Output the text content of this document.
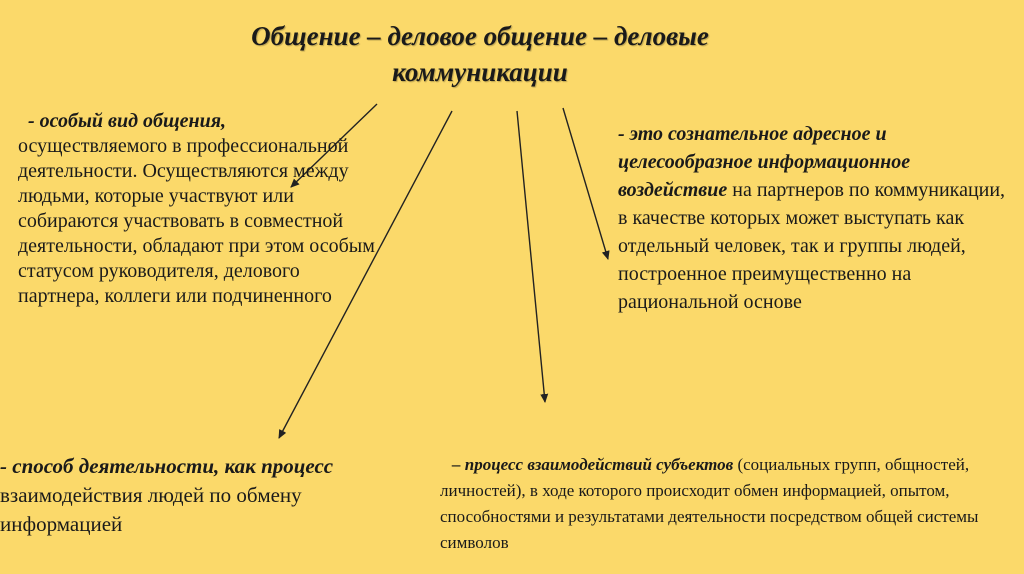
Общение – деловое общение – деловые
коммуникации
- особый вид общения,
осуществляемого в профессиональной деятельности. Осуществляются между людьми, которые участвуют или собираются участвовать в совместной деятельности, обладают при этом особым статусом руководителя, делового партнера, коллеги или подчиненного
- способ деятельности, как процесс
взаимодействия людей по обмену информацией
- это сознательное адресное и целесообразное информационное воздействие на партнеров по коммуникации, в качестве которых может выступать как отдельный человек, так и группы людей, построенное преимущественно на рациональной основе
– процесс взаимодействий субъектов (социальных групп, общностей, личностей), в ходе которого происходит обмен информацией, опытом, способностями и результатами деятельности посредством общей системы символов
